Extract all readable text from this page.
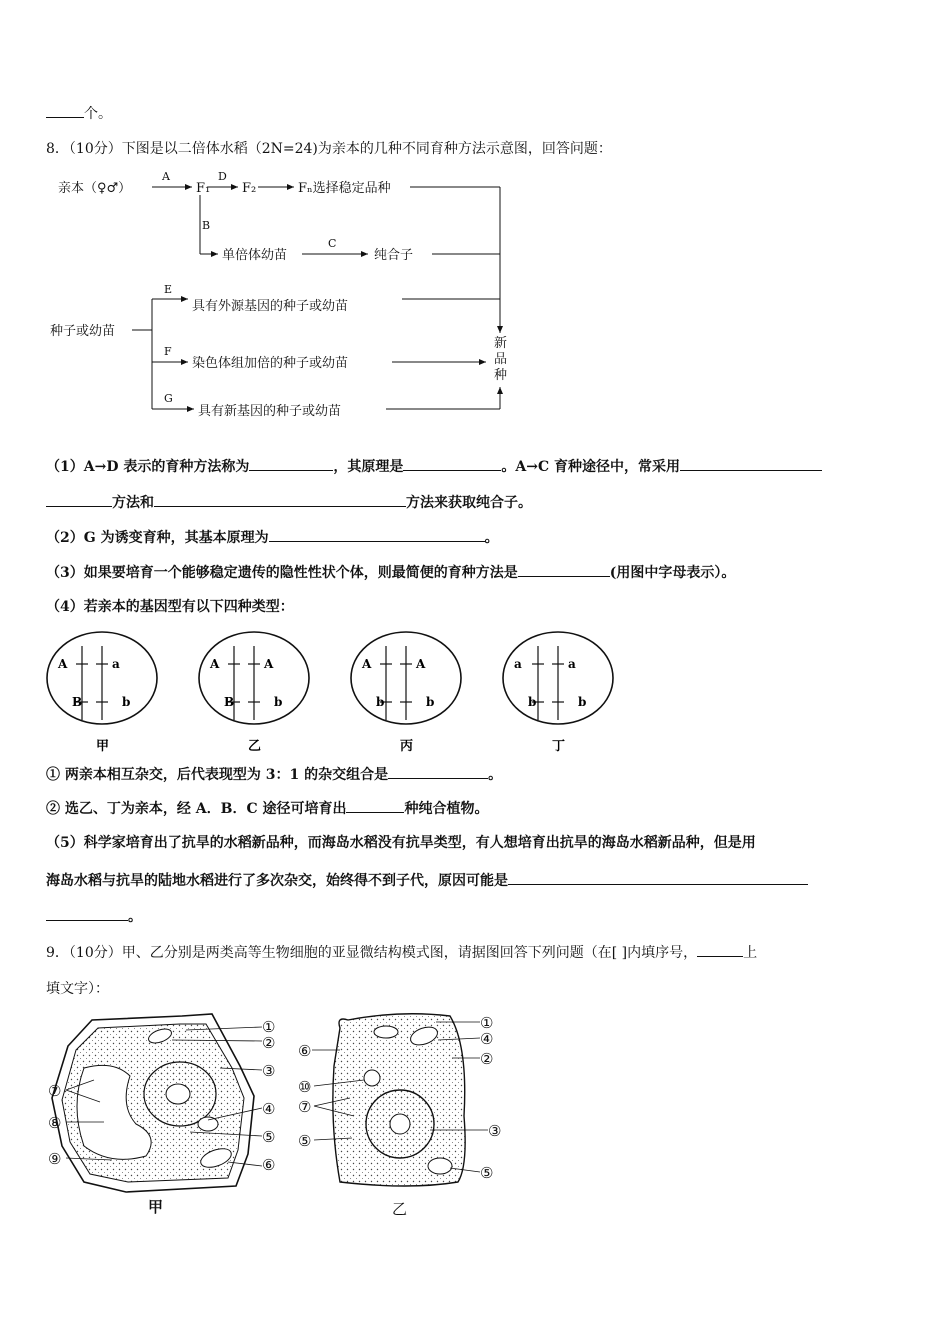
个。
8．（10分）下图是以二倍体水稻（2N=24)为亲本的几种不同育种方法示意图，回答问题：
亲本（♀♂）
A
F₁
D
F₂	Fₙ选择稳定品种
B
单倍体幼苗
C
纯合子
种子或幼苗
E
具有外源基因的种子或幼苗
F
染色体组加倍的种子或幼苗
G
具有新基因的种子或幼苗
新
品
种
（1）A→D 表示的育种方法称为	，其原理是	。A→C 育种途径中，常采用
方法和	方法来获取纯合子。
（2）G 为诱变育种，其基本原理为	。
（3）如果要培育一个能够稳定遗传的隐性性状个体，则最简便的育种方法是	(用图中字母表示）。
（4）若亲本的基因型有以下四种类型：
A	a
B	b
甲
A	A
B	b
乙
A	A
b	b
丙
a	a
b	b
丁
① 两亲本相互杂交，后代表现型为 3：1 的杂交组合是	。
② 选乙、丁为亲本，经 A．B．C 途径可培育出	种纯合植物。
（5）科学家培育出了抗旱的水稻新品种，而海岛水稻没有抗旱类型，有人想培育出抗旱的海岛水稻新品种，但是用
海岛水稻与抗旱的陆地水稻进行了多次杂交，始终得不到子代，原因可能是
。
9．（10分）甲、乙分别是两类高等生物细胞的亚显微结构模式图，请据图回答下列问题（在[ ]内填序号，	上
填文字）：
①
②
③
④
⑤
⑥
⑦
⑧
⑨
甲
①
④
②
⑥
⑩
⑦
⑤
③
⑤
乙
